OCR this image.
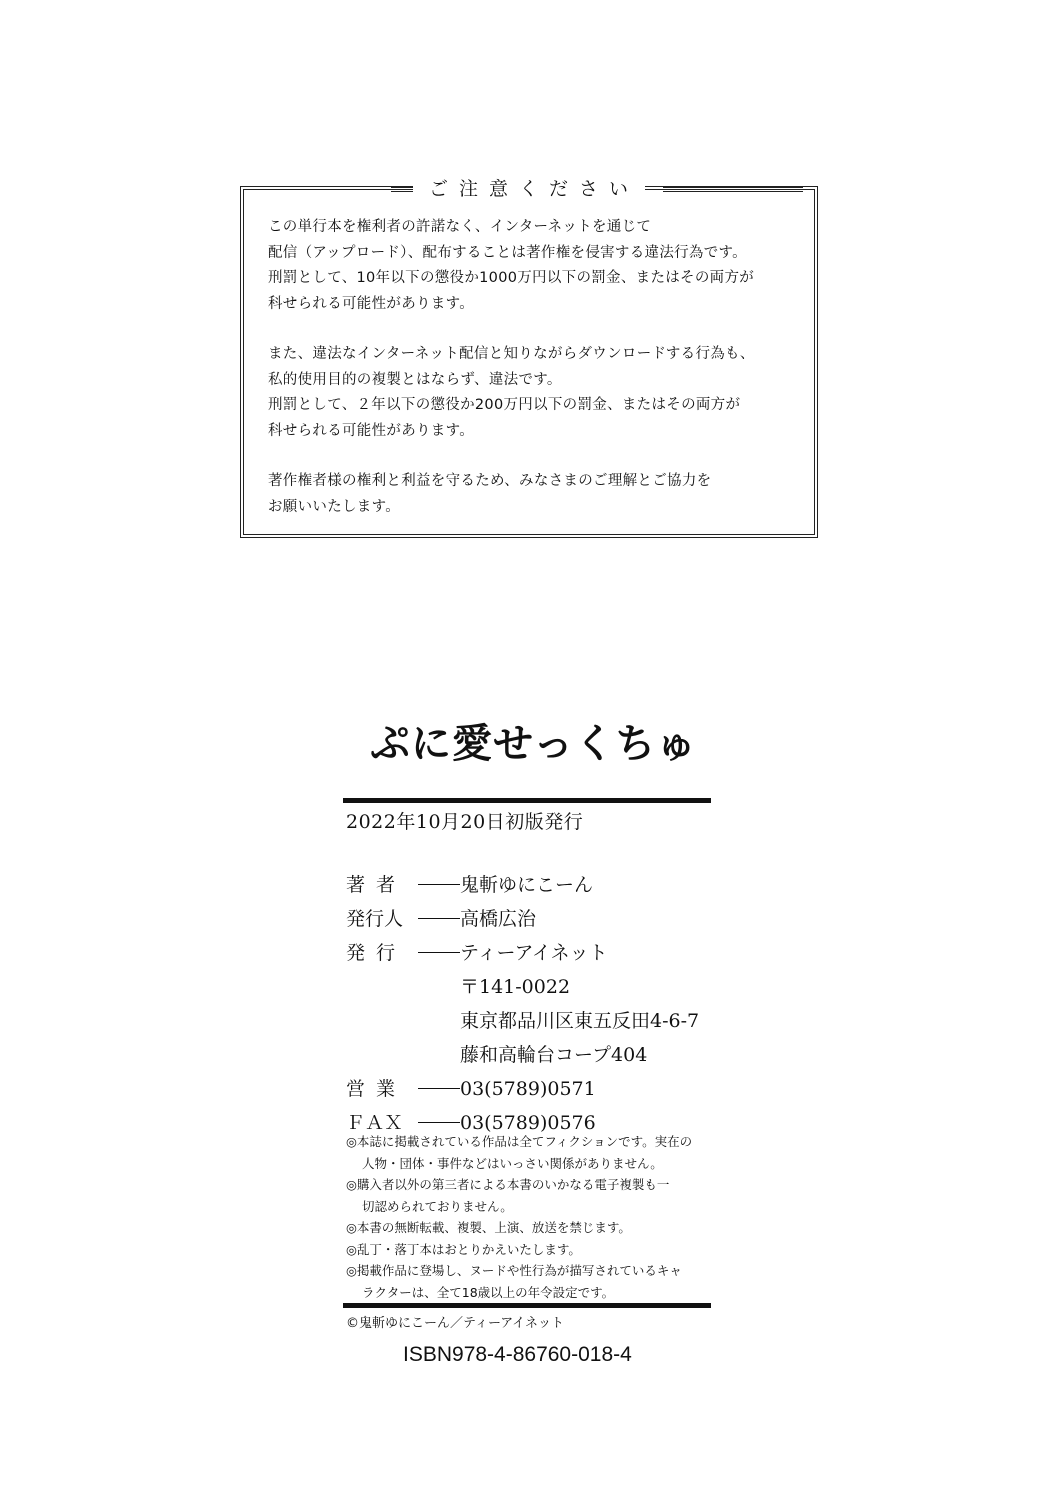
ご注意ください

この単行本を権利者の許諾なく、インターネットを通じて
配信（アップロード）、配布することは著作権を侵害する違法行為です。
刑罰として、10年以下の懲役か1000万円以下の罰金、またはその両方が
科せられる可能性があります。

また、違法なインターネット配信と知りながらダウンロードする行為も、
私的使用目的の複製とはならず、違法です。
刑罰として、２年以下の懲役か200万円以下の罰金、またはその両方が
科せられる可能性があります。

著作権者様の権利と利益を守るため、みなさまのご理解とご協力を
お願いいたします。

ぷに愛せっくちゅ
2022年10月20日初版発行
著者	鬼斬ゆにこーん
発行人	高橋広治
発行	ティーアイネット
〒141-0022
東京都品川区東五反田4-6-7
藤和高輪台コープ404
営業	03(5789)0571
ＦＡＸ	03(5789)0576
◎本誌に掲載されている作品は全てフィクションです。実在の
人物・団体・事件などはいっさい関係がありません。
◎購入者以外の第三者による本書のいかなる電子複製も一
切認められておりません。
◎本書の無断転載、複製、上演、放送を禁じます。
◎乱丁・落丁本はおとりかえいたします。
◎掲載作品に登場し、ヌードや性行為が描写されているキャ
ラクターは、全て18歳以上の年令設定です。
©鬼斬ゆにこーん／ティーアイネット
ISBN978-4-86760-018-4
